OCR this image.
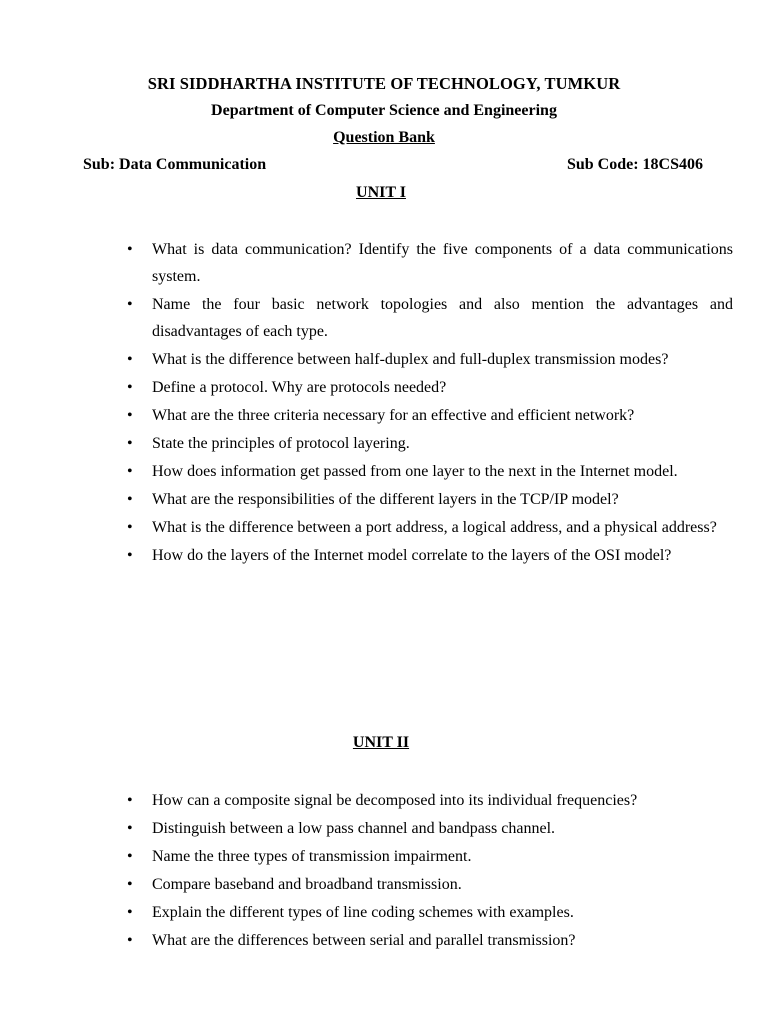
SRI SIDDHARTHA INSTITUTE OF TECHNOLOGY, TUMKUR
Department of Computer Science and Engineering
Question Bank
Sub: Data Communication	Sub Code: 18CS406
UNIT I
• What is data communication? Identify the five components of a data communications system.
• Name the four basic network topologies and also mention the advantages and disadvantages of each type.
• What is the difference between half-duplex and full-duplex transmission modes?
• Define a protocol. Why are protocols needed?
• What are the three criteria necessary for an effective and efficient network?
• State the principles of protocol layering.
• How does information get passed from one layer to the next in the Internet model.
• What are the responsibilities of the different layers in the TCP/IP model?
• What is the difference between a port address, a logical address, and a physical address?
• How do the layers of the Internet model correlate to the layers of the OSI model?
UNIT II
• How can a composite signal be decomposed into its individual frequencies?
• Distinguish between a low pass channel and bandpass channel.
• Name the three types of transmission impairment.
• Compare baseband and broadband transmission.
• Explain the different types of line coding schemes with examples.
• What are the differences between serial and parallel transmission?
